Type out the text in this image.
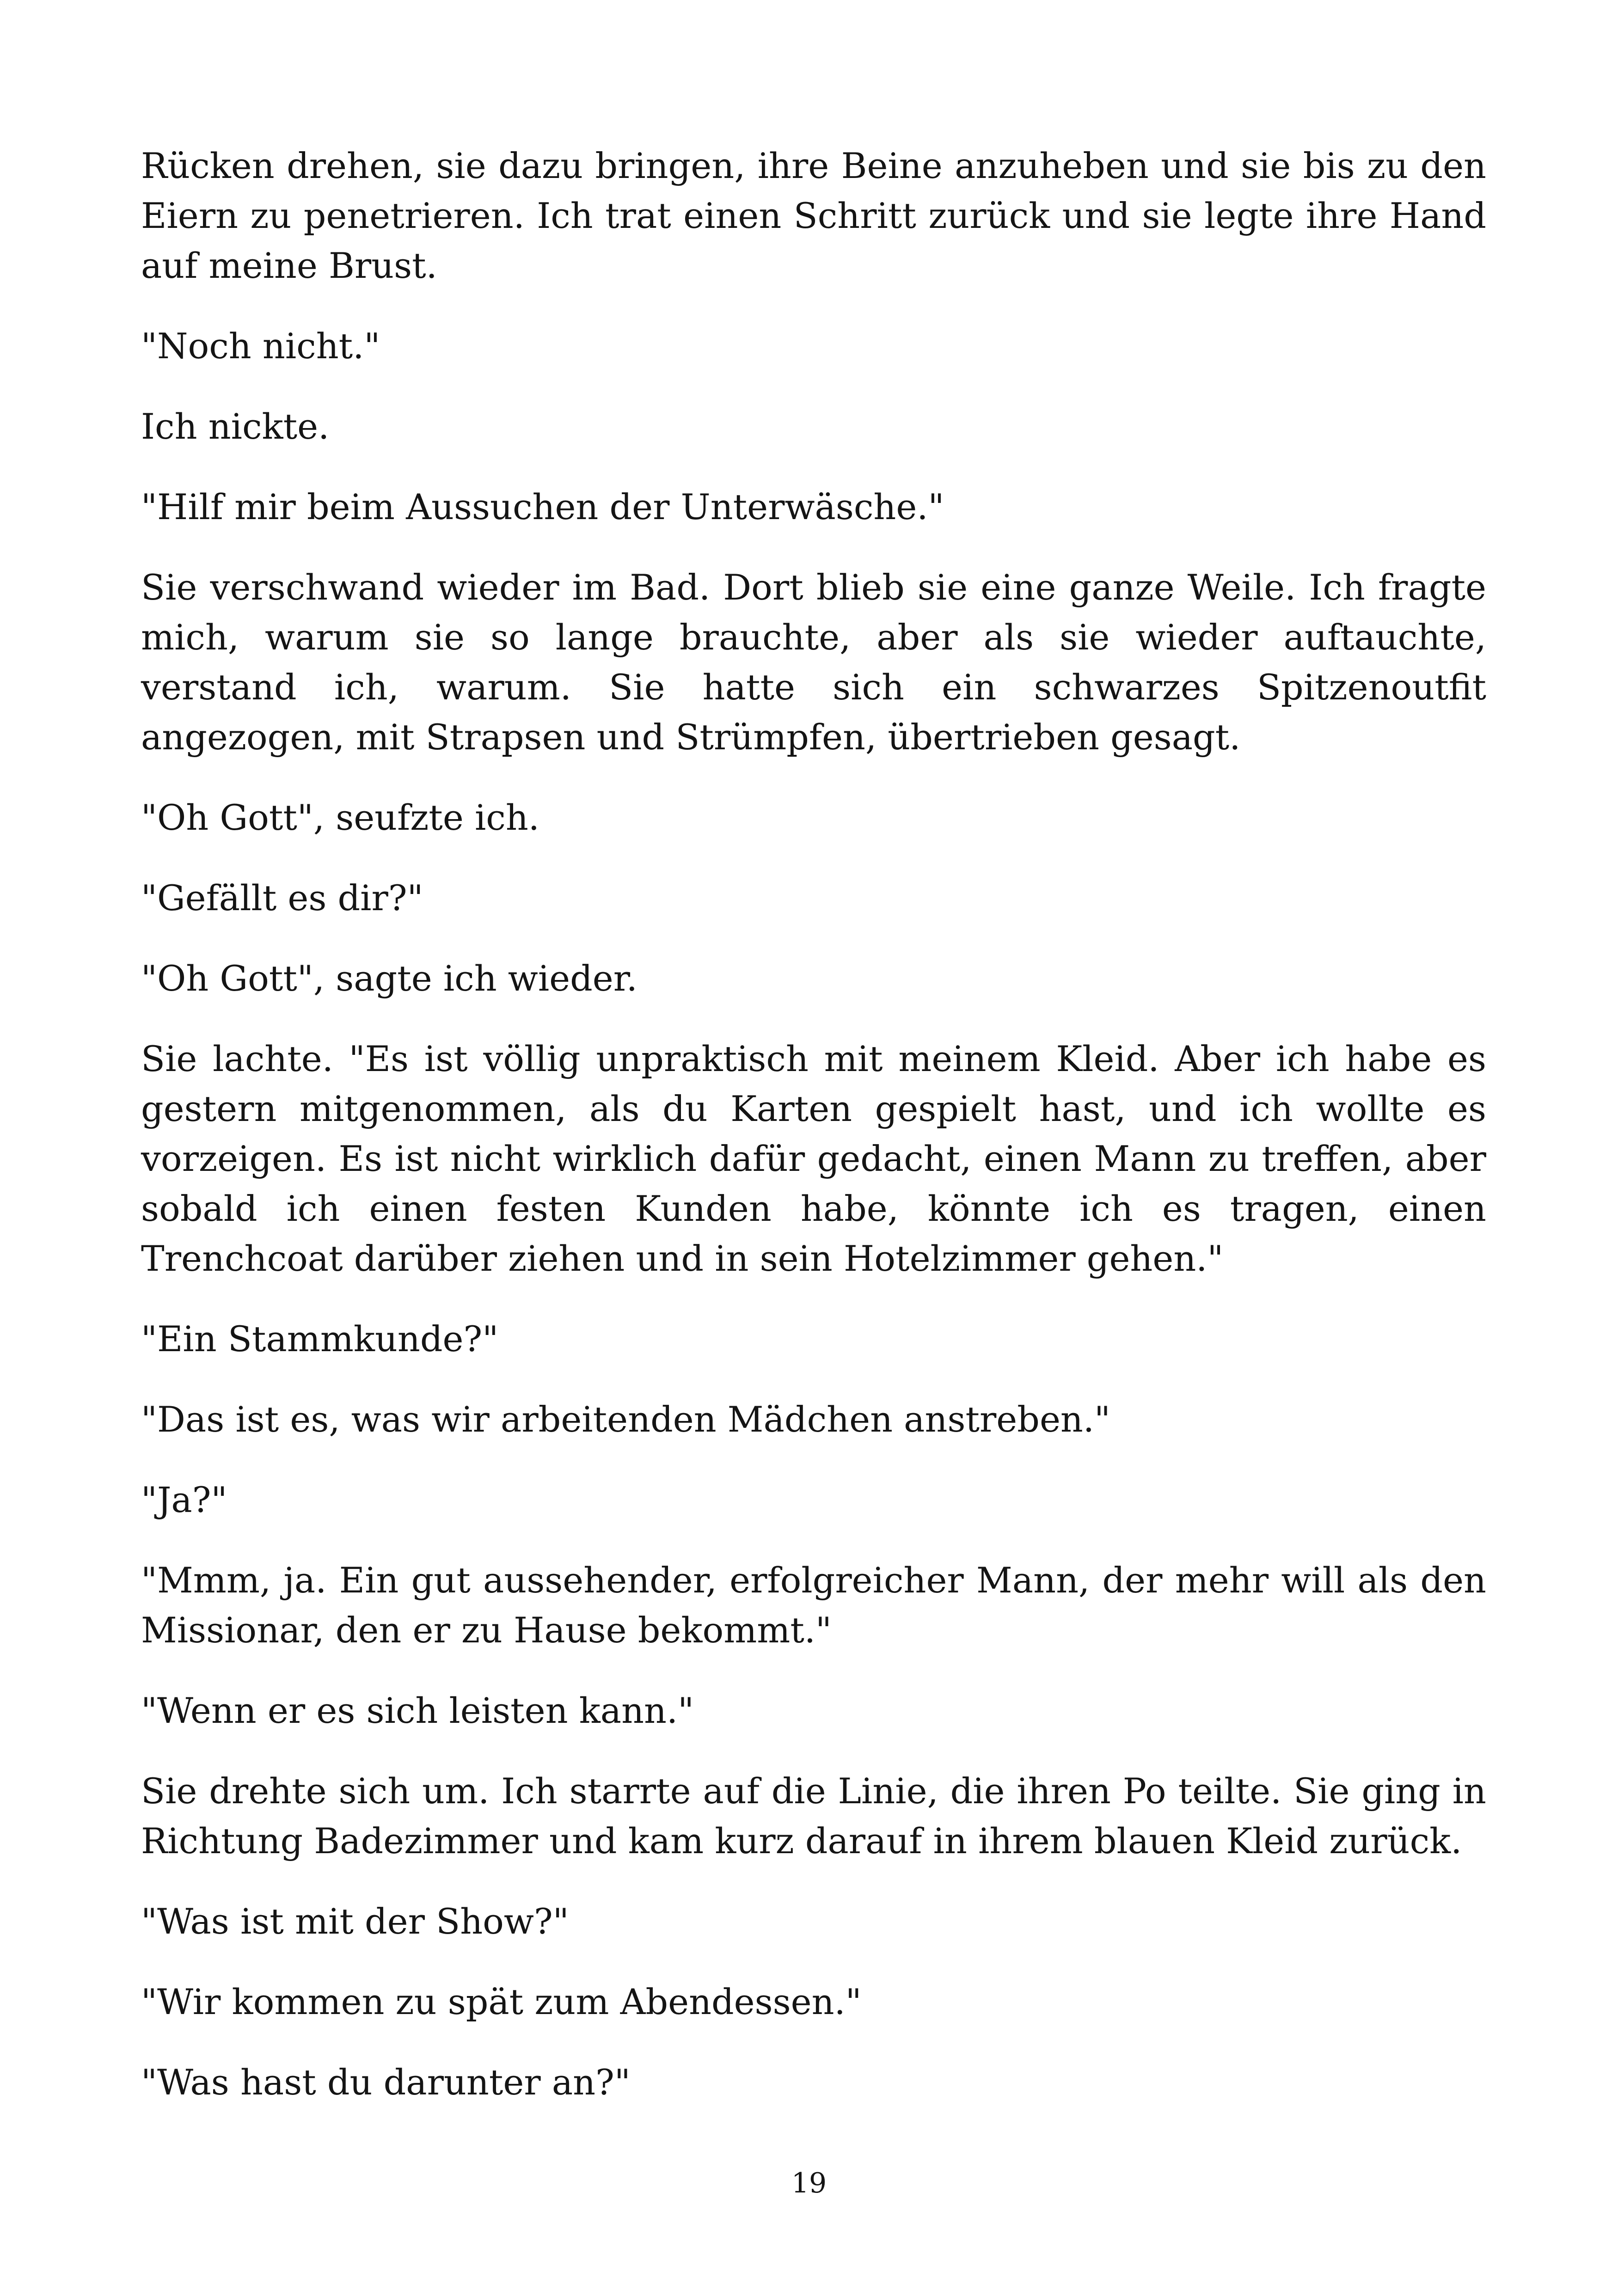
Rücken drehen, sie dazu bringen, ihre Beine anzuheben und sie bis zu den Eiern zu penetrieren. Ich trat einen Schritt zurück und sie legte ihre Hand auf meine Brust.

"Noch nicht."

Ich nickte.

"Hilf mir beim Aussuchen der Unterwäsche."

Sie verschwand wieder im Bad. Dort blieb sie eine ganze Weile. Ich fragte mich, warum sie so lange brauchte, aber als sie wieder auftauchte, verstand ich, warum. Sie hatte sich ein schwarzes Spitzenoutfit angezogen, mit Strapsen und Strümpfen, übertrieben gesagt.

"Oh Gott", seufzte ich.

"Gefällt es dir?"

"Oh Gott", sagte ich wieder.

Sie lachte. "Es ist völlig unpraktisch mit meinem Kleid. Aber ich habe es gestern mitgenommen, als du Karten gespielt hast, und ich wollte es vorzeigen. Es ist nicht wirklich dafür gedacht, einen Mann zu treffen, aber sobald ich einen festen Kunden habe, könnte ich es tragen, einen Trenchcoat darüber ziehen und in sein Hotelzimmer gehen."

"Ein Stammkunde?"

"Das ist es, was wir arbeitenden Mädchen anstreben."

"Ja?"

"Mmm, ja. Ein gut aussehender, erfolgreicher Mann, der mehr will als den Missionar, den er zu Hause bekommt."

"Wenn er es sich leisten kann."

Sie drehte sich um. Ich starrte auf die Linie, die ihren Po teilte. Sie ging in Richtung Badezimmer und kam kurz darauf in ihrem blauen Kleid zurück.

"Was ist mit der Show?"

"Wir kommen zu spät zum Abendessen."

"Was hast du darunter an?"

19
